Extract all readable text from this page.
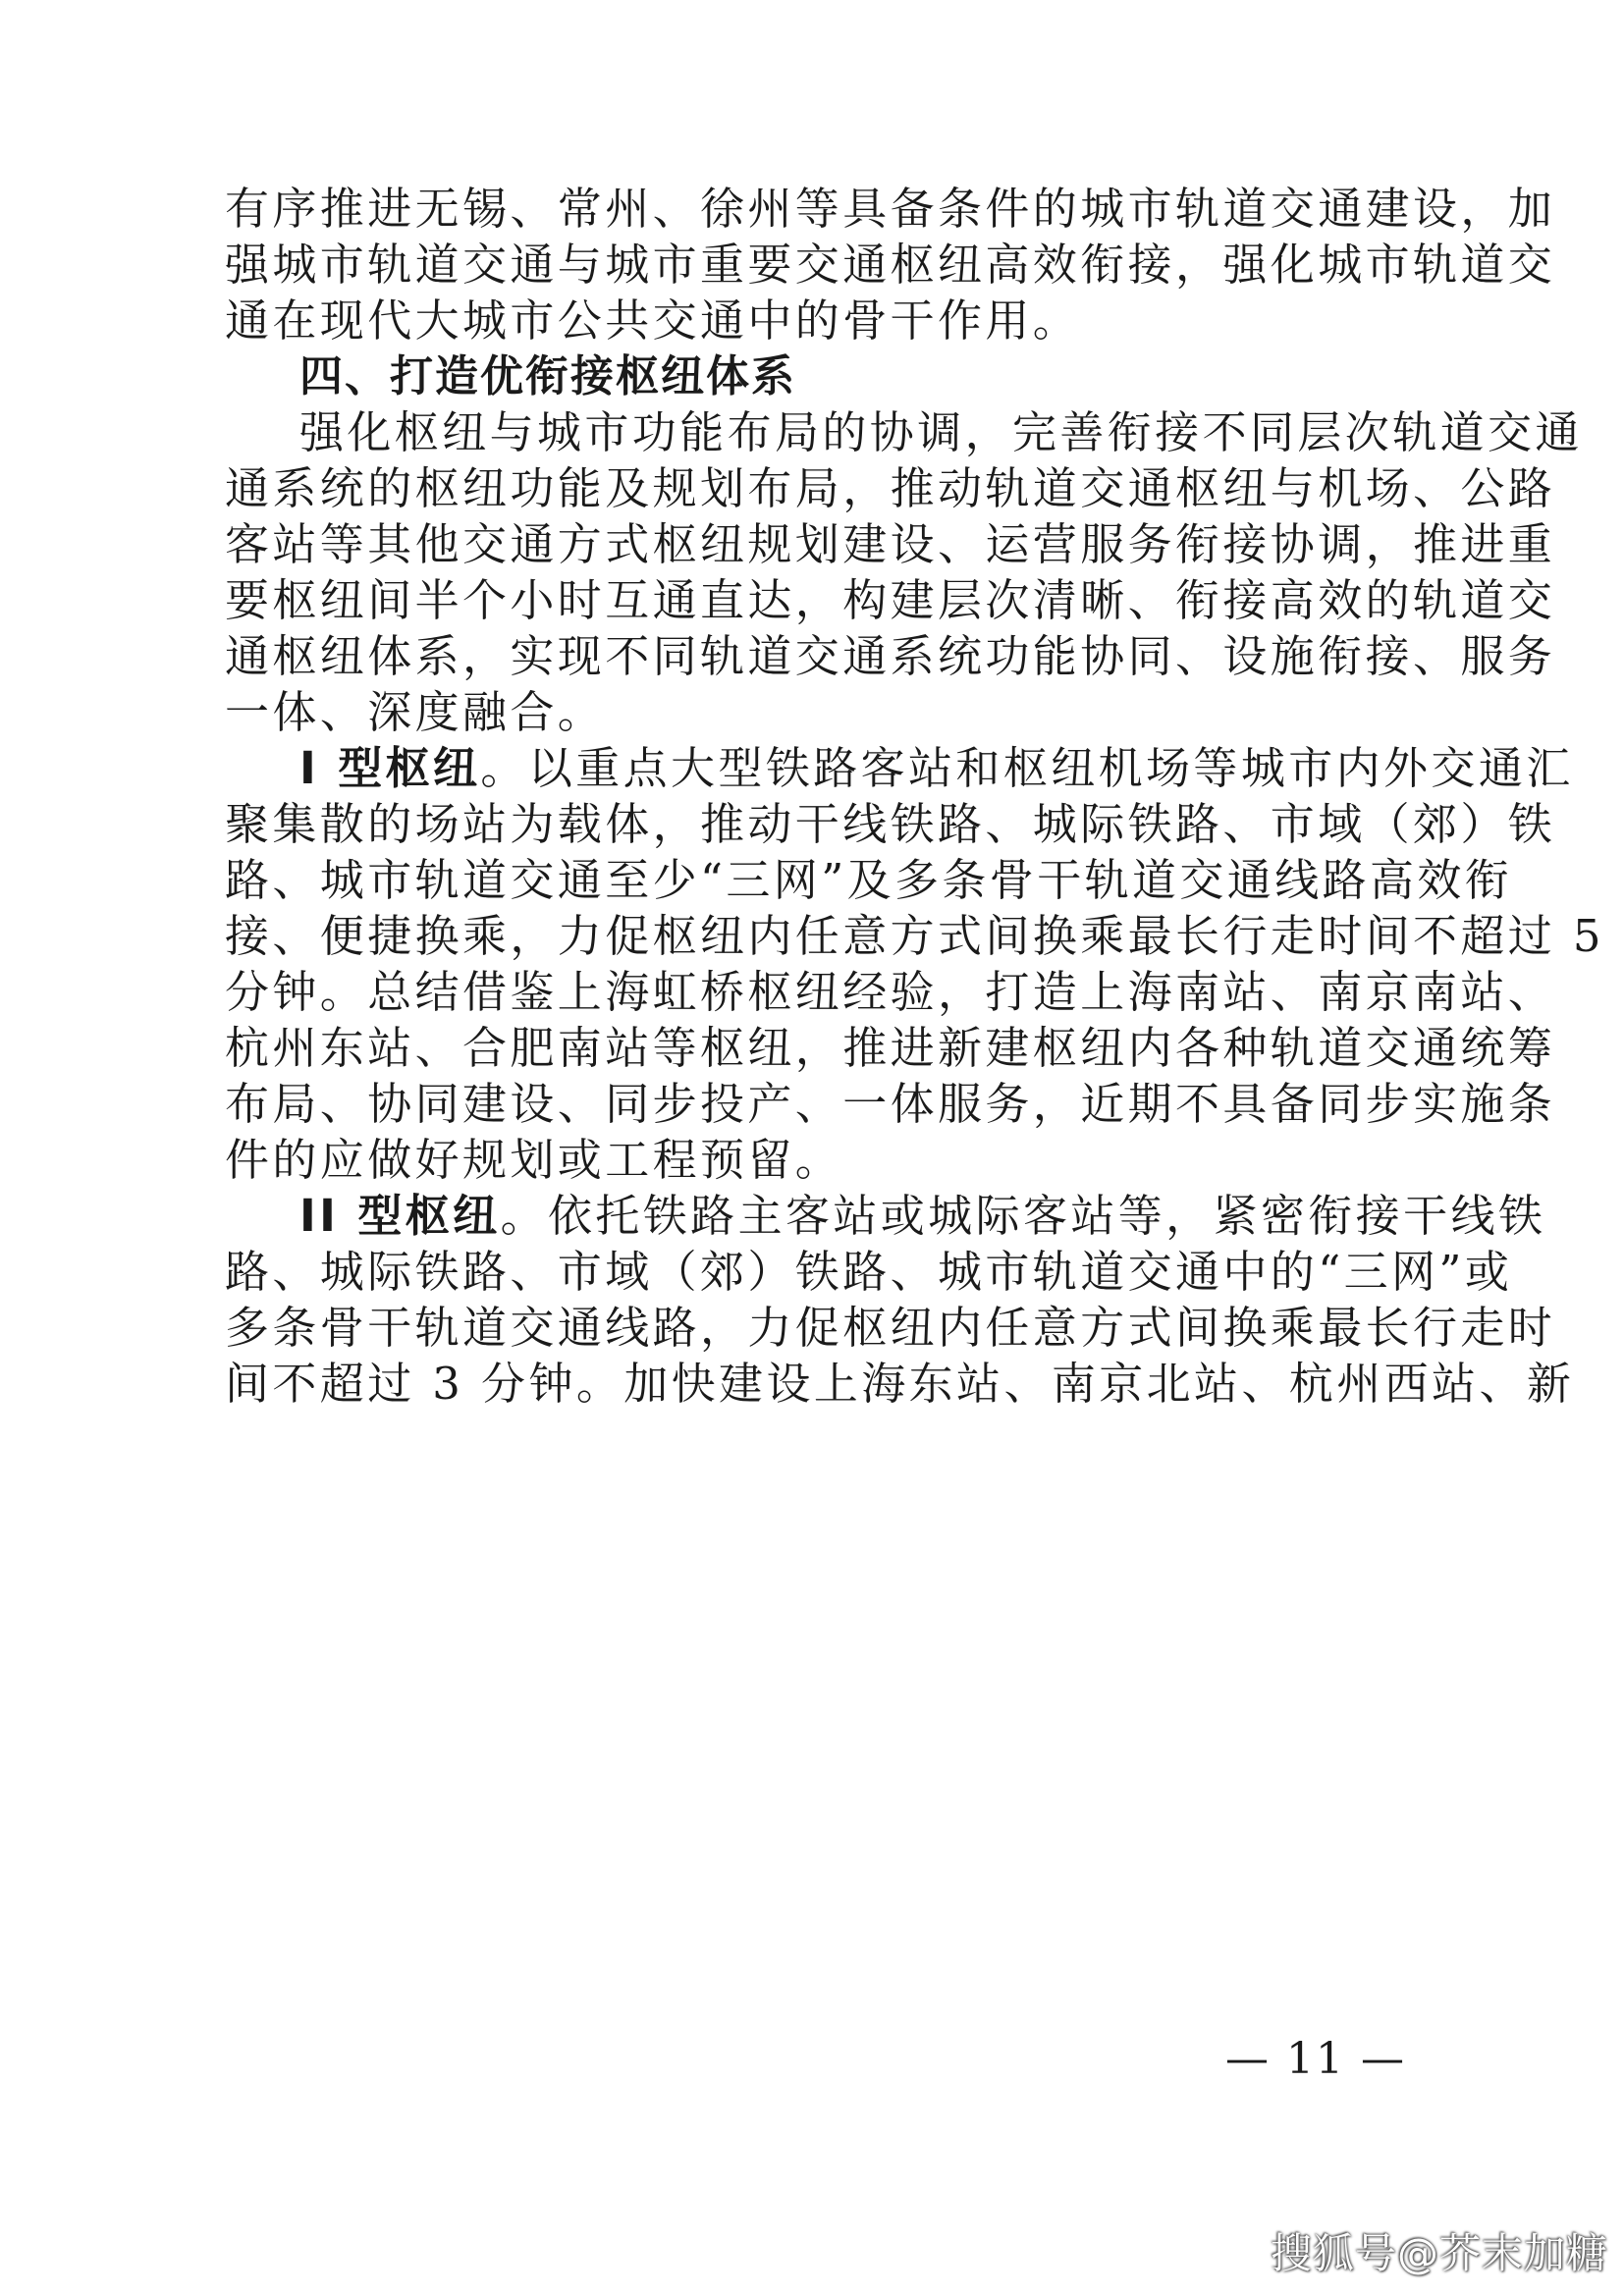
有序推进无锡、常州、徐州等具备条件的城市轨道交通建设，加
强城市轨道交通与城市重要交通枢纽高效衔接，强化城市轨道交
通在现代大城市公共交通中的骨干作用。
四、打造优衔接枢纽体系
强化枢纽与城市功能布局的协调，完善衔接不同层次轨道交通
通系统的枢纽功能及规划布局，推动轨道交通枢纽与机场、公路
客站等其他交通方式枢纽规划建设、运营服务衔接协调，推进重
要枢纽间半个小时互通直达，构建层次清晰、衔接高效的轨道交
通枢纽体系，实现不同轨道交通系统功能协同、设施衔接、服务
一体、深度融合。
I 型枢纽。以重点大型铁路客站和枢纽机场等城市内外交通汇
聚集散的场站为载体，推动干线铁路、城际铁路、市域（郊）铁
路、城市轨道交通至少“三网”及多条骨干轨道交通线路高效衔
接、便捷换乘，力促枢纽内任意方式间换乘最长行走时间不超过 5
分钟。总结借鉴上海虹桥枢纽经验，打造上海南站、南京南站、
杭州东站、合肥南站等枢纽，推进新建枢纽内各种轨道交通统筹
布局、协同建设、同步投产、一体服务，近期不具备同步实施条
件的应做好规划或工程预留。
II 型枢纽。依托铁路主客站或城际客站等，紧密衔接干线铁
路、城际铁路、市域（郊）铁路、城市轨道交通中的“三网”或
多条骨干轨道交通线路，力促枢纽内任意方式间换乘最长行走时
间不超过 3 分钟。加快建设上海东站、南京北站、杭州西站、新
— 11 —
搜狐号@芥末加糖
